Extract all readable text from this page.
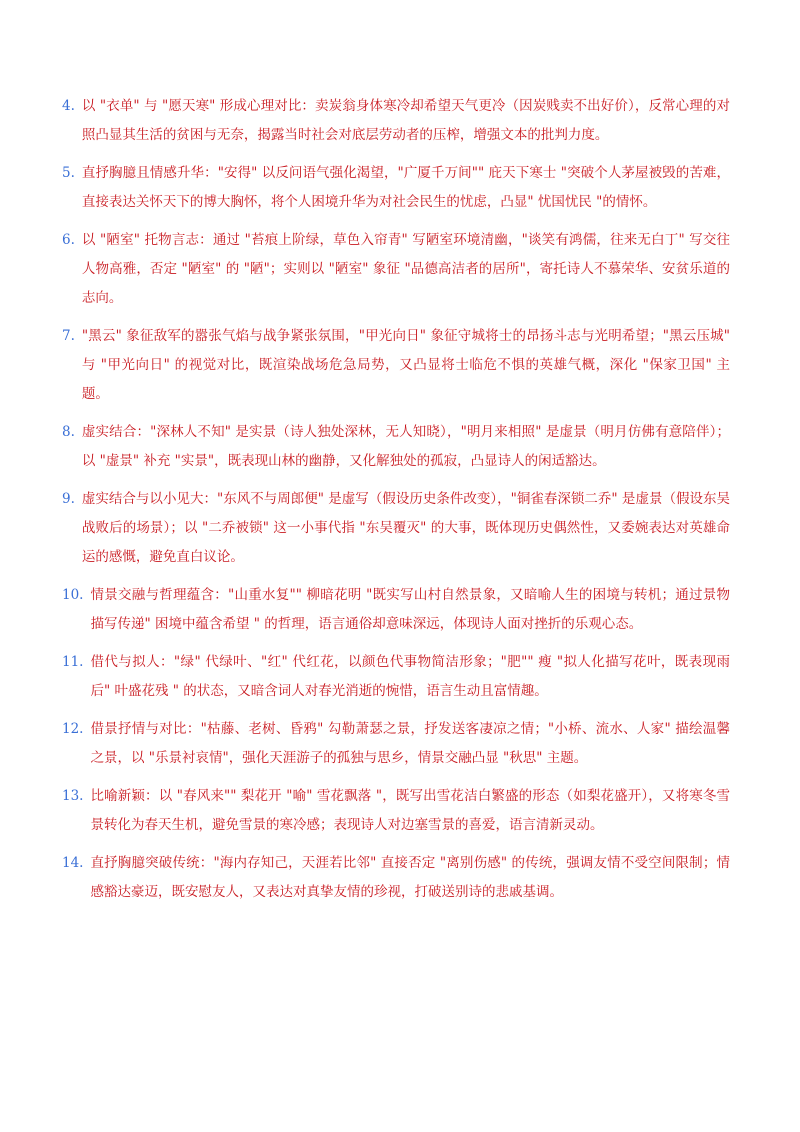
4. 以 "衣单" 与 "愿天寒" 形成心理对比：卖炭翁身体寒冷却希望天气更冷（因炭贱卖不出好价），反常心理的对照凸显其生活的贫困与无奈，揭露当时社会对底层劳动者的压榨，增强文本的批判力度。
5. 直抒胸臆且情感升华："安得" 以反问语气强化渴望，"广厦千万间"" 庇天下寒士 "突破个人茅屋被毁的苦难，直接表达关怀天下的博大胸怀，将个人困境升华为对社会民生的忧虑，凸显" 忧国忧民 "的情怀。
6. 以 "陋室" 托物言志：通过 "苔痕上阶绿，草色入帘青" 写陋室环境清幽，"谈笑有鸿儒，往来无白丁" 写交往人物高雅，否定 "陋室" 的 "陋"；实则以 "陋室" 象征 "品德高洁者的居所"，寄托诗人不慕荣华、安贫乐道的志向。
7. "黑云" 象征敌军的嚣张气焰与战争紧张氛围，"甲光向日" 象征守城将士的昂扬斗志与光明希望；"黑云压城" 与 "甲光向日" 的视觉对比，既渲染战场危急局势，又凸显将士临危不惧的英雄气概，深化 "保家卫国" 主题。
8. 虚实结合："深林人不知" 是实景（诗人独处深林，无人知晓），"明月来相照" 是虚景（明月仿佛有意陪伴）；以 "虚景" 补充 "实景"，既表现山林的幽静，又化解独处的孤寂，凸显诗人的闲适豁达。
9. 虚实结合与以小见大："东风不与周郎便" 是虚写（假设历史条件改变），"铜雀春深锁二乔" 是虚景（假设东吴战败后的场景）；以 "二乔被锁" 这一小事代指 "东吴覆灭" 的大事，既体现历史偶然性，又委婉表达对英雄命运的感慨，避免直白议论。
10. 情景交融与哲理蕴含："山重水复"" 柳暗花明 "既实写山村自然景象，又暗喻人生的困境与转机；通过景物描写传递" 困境中蕴含希望 " 的哲理，语言通俗却意味深远，体现诗人面对挫折的乐观心态。
11. 借代与拟人："绿" 代绿叶、"红" 代红花，以颜色代事物简洁形象；"肥"" 瘦 "拟人化描写花叶，既表现雨后" 叶盛花残 " 的状态，又暗含词人对春光消逝的惋惜，语言生动且富情趣。
12. 借景抒情与对比："枯藤、老树、昏鸦" 勾勒萧瑟之景，抒发送客凄凉之情；"小桥、流水、人家" 描绘温馨之景，以 "乐景衬哀情"，强化天涯游子的孤独与思乡，情景交融凸显 "秋思" 主题。
13. 比喻新颖：以 "春风来"" 梨花开 "喻" 雪花飘落 "，既写出雪花洁白繁盛的形态（如梨花盛开），又将寒冬雪景转化为春天生机，避免雪景的寒冷感；表现诗人对边塞雪景的喜爱，语言清新灵动。
14. 直抒胸臆突破传统："海内存知己，天涯若比邻" 直接否定 "离别伤感" 的传统，强调友情不受空间限制；情感豁达豪迈，既安慰友人，又表达对真挚友情的珍视，打破送别诗的悲戚基调。
